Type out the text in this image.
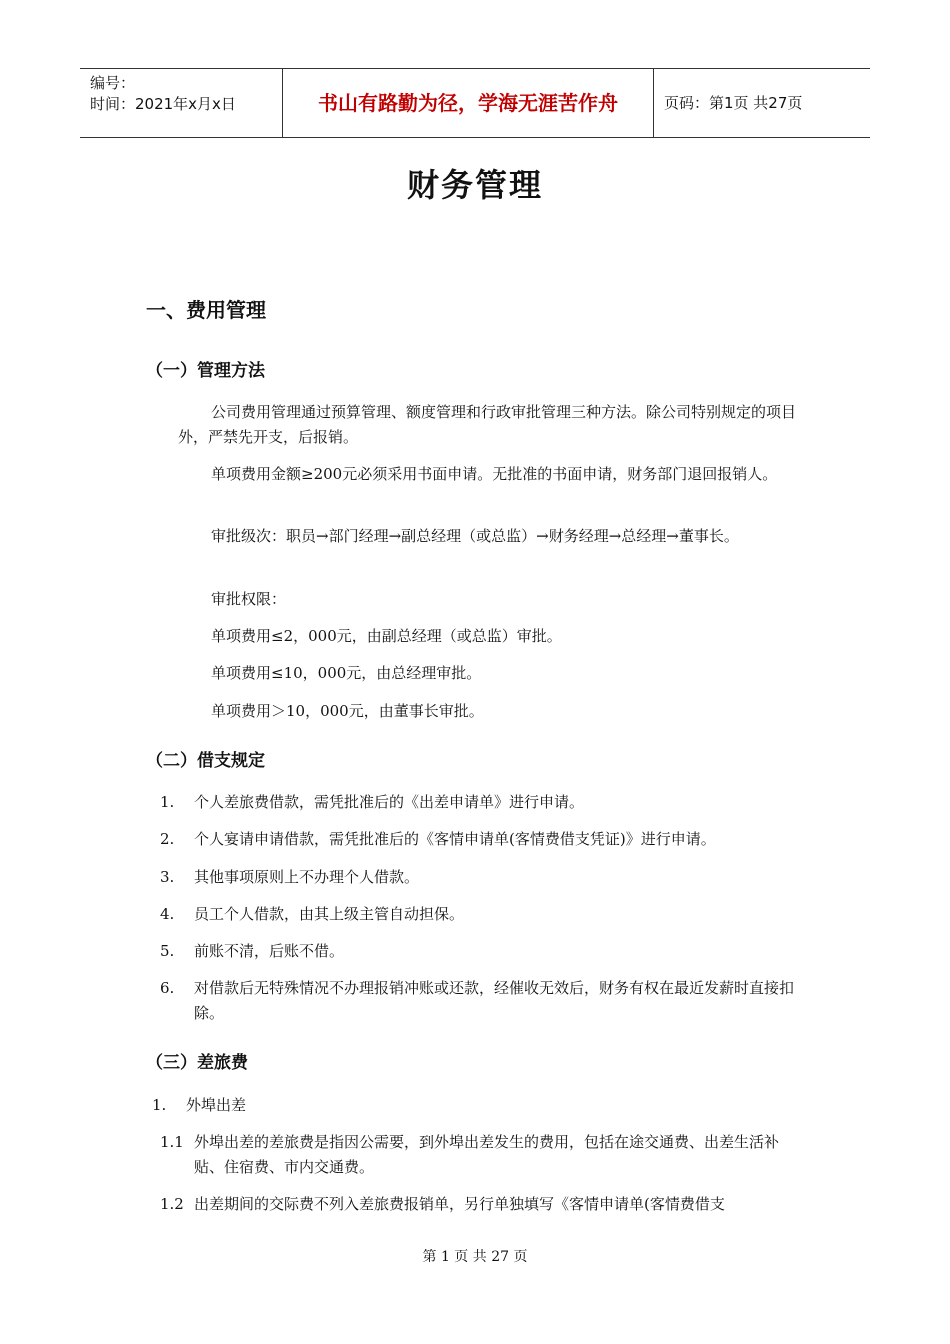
编号：
时间：2021年x月x日	书山有路勤为径，学海无涯苦作舟	页码：第1页 共27页
财务管理
一、费用管理
（一）管理方法
公司费用管理通过预算管理、额度管理和行政审批管理三种方法。除公司特别规定的项目外，严禁先开支，后报销。
单项费用金额≥200元必须采用书面申请。无批准的书面申请，财务部门退回报销人。
审批级次：职员→部门经理→副总经理（或总监）→财务经理→总经理→董事长。
审批权限：
单项费用≤2，000元，由副总经理（或总监）审批。
单项费用≤10，000元，由总经理审批。
单项费用＞10，000元，由董事长审批。
（二）借支规定
1.	个人差旅费借款，需凭批准后的《出差申请单》进行申请。
2.	个人宴请申请借款，需凭批准后的《客情申请单(客情费借支凭证)》进行申请。
3.	其他事项原则上不办理个人借款。
4.	员工个人借款，由其上级主管自动担保。
5.	前账不清，后账不借。
6.	对借款后无特殊情况不办理报销冲账或还款，经催收无效后，财务有权在最近发薪时直接扣除。
（三）差旅费
1.	外埠出差
1.1 外埠出差的差旅费是指因公需要，到外埠出差发生的费用，包括在途交通费、出差生活补贴、住宿费、市内交通费。
1.2 出差期间的交际费不列入差旅费报销单，另行单独填写《客情申请单(客情费借支
第 1 页 共 27 页
